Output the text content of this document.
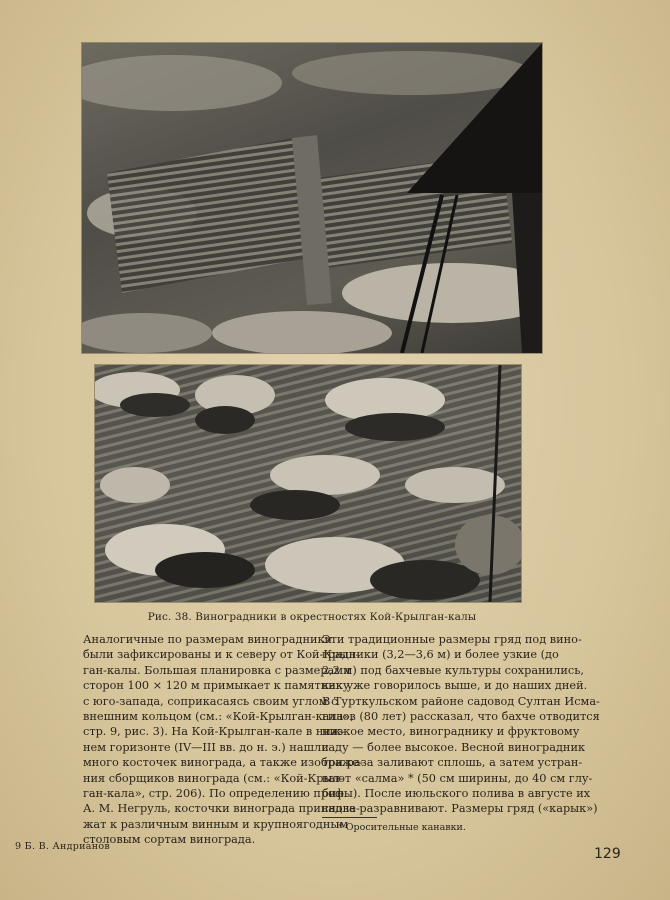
Рис. 38. Виноградники в окрестностях Кой-Крылган-калы
Аналогичные по размерам виноградники
были зафиксированы и к северу от Кой-Крыл-
ган-калы. Большая планировка с размерами
сторон 100 × 120 м примыкает к памятнику
с юго-запада, соприкасаясь своим углом с
внешним кольцом (см.: «Кой-Крылган-кала»,
стр. 9, рис. 3). На Кой-Крылган-кале в ниж-
нем горизонте (IV—III вв. до н. э.) нашли
много косточек винограда, а также изображе-
ния сборщиков винограда (см.: «Кой-Крыл-
ган-кала», стр. 206). По определению проф.
А. М. Негруль, косточки винограда принадле-
жат к различным винным и крупноягодным
столовым сортам винограда.
Эти традиционные размеры гряд под вино-
градники (3,2—3,6 м) и более узкие (до
2,2 м) под бахчевые культуры сохранились,
как уже говорилось выше, и до наших дней.
В Турткульском районе садовод Султан Исма-
гилов (80 лет) рассказал, что бахче отводится
низкое место, винограднику и фруктовому
саду — более высокое. Весной виноградник
три раза заливают сплошь, а затем устран-
вают «салма» * (50 см ширины, до 40 см глу-
бины). После июльского полива в августе их
снова разравнивают. Размеры гряд («карык»)
* Оросительные канавки.
9 Б. В. Андрианов	129
